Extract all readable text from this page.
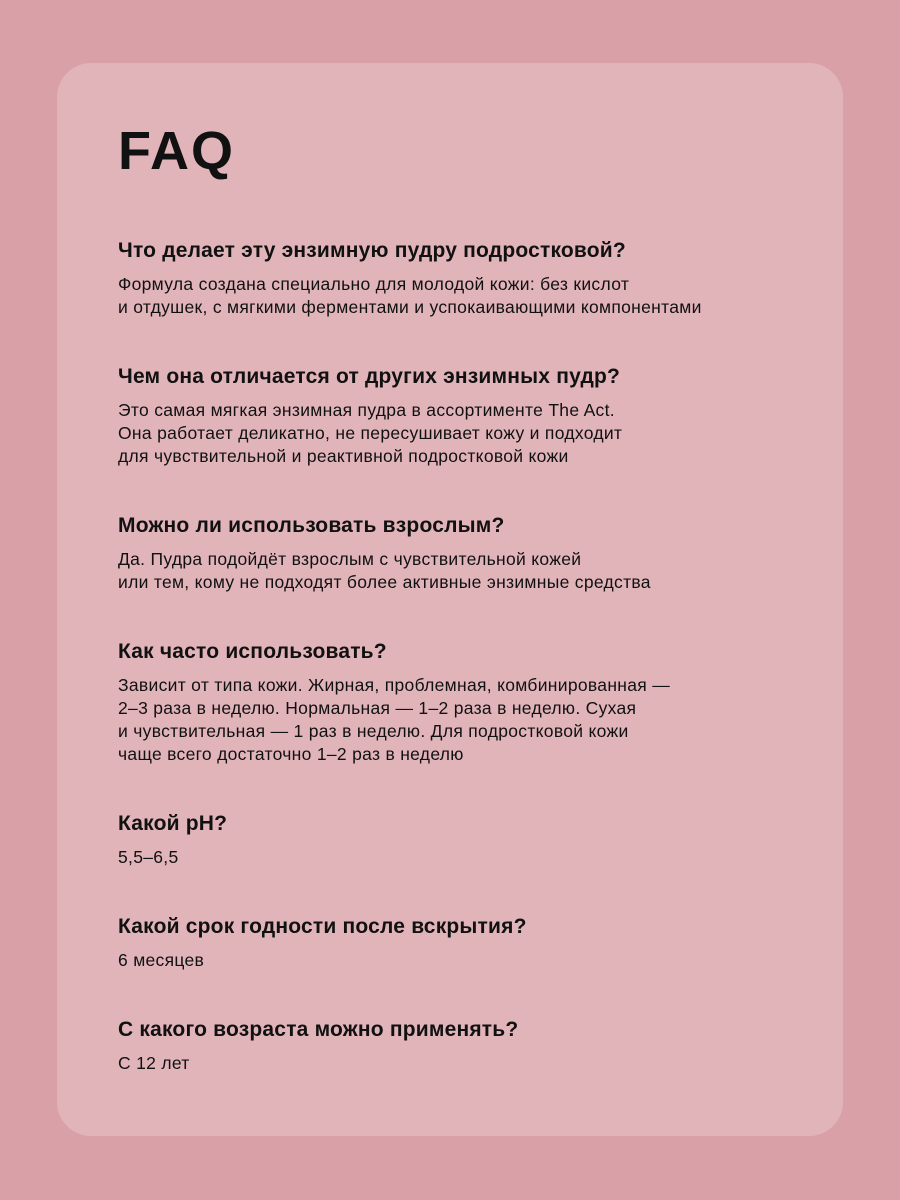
FAQ
Что делает эту энзимную пудру подростковой?

Формула создана специально для молодой кожи: без кислот
и отдушек, с мягкими ферментами и успокаивающими компонентами

Чем она отличается от других энзимных пудр?

Это самая мягкая энзимная пудра в ассортименте The Act.
Она работает деликатно, не пересушивает кожу и подходит
для чувствительной и реактивной подростковой кожи

Можно ли использовать взрослым?

Да. Пудра подойдёт взрослым с чувствительной кожей
или тем, кому не подходят более активные энзимные средства

Как часто использовать?

Зависит от типа кожи. Жирная, проблемная, комбинированная —
2–3 раза в неделю. Нормальная — 1–2 раза в неделю. Сухая
и чувствительная — 1 раз в неделю. Для подростковой кожи
чаще всего достаточно 1–2 раз в неделю

Какой pH?

5,5–6,5

Какой срок годности после вскрытия?

6 месяцев

С какого возраста можно применять?

С 12 лет
